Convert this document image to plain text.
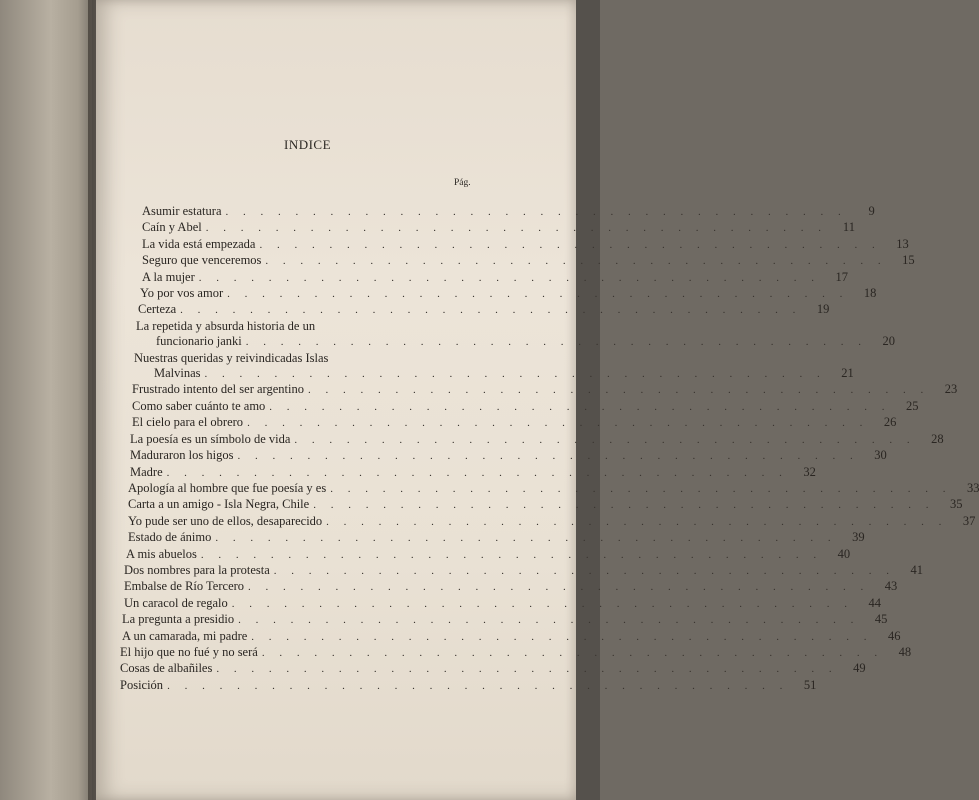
INDICE
Pág.
Asumir estatura . . . . . . . . . . . . . . . . . . . . . . . . . . . . . . . . . . . .	9
Caín y Abel . . . . . . . . . . . . . . . . . . . . . . . . . . . . . . . . . . . .	11
La vida está empezada . . . . . . . . . . . . . . . . . . . . . . . . . . . . . . . . . . . .	13
Seguro que venceremos . . . . . . . . . . . . . . . . . . . . . . . . . . . . . . . . . . . .	15
A la mujer . . . . . . . . . . . . . . . . . . . . . . . . . . . . . . . . . . . .	17
Yo por vos amor . . . . . . . . . . . . . . . . . . . . . . . . . . . . . . . . . . . .	18
Certeza . . . . . . . . . . . . . . . . . . . . . . . . . . . . . . . . . . . .	19
La repetida y absurda historia de un
funcionario janki . . . . . . . . . . . . . . . . . . . . . . . . . . . . . . . . . . . .	20
Nuestras queridas y reivindicadas Islas
Malvinas . . . . . . . . . . . . . . . . . . . . . . . . . . . . . . . . . . . .	21
Frustrado intento del ser argentino . . . . . . . . . . . . . . . . . . . . . . . . . . . . . . . . . . . .	23
Como saber cuánto te amo . . . . . . . . . . . . . . . . . . . . . . . . . . . . . . . . . . . .	25
El cielo para el obrero . . . . . . . . . . . . . . . . . . . . . . . . . . . . . . . . . . . .	26
La poesía es un símbolo de vida . . . . . . . . . . . . . . . . . . . . . . . . . . . . . . . . . . . .	28
Maduraron los higos . . . . . . . . . . . . . . . . . . . . . . . . . . . . . . . . . . . .	30
Madre . . . . . . . . . . . . . . . . . . . . . . . . . . . . . . . . . . . .	32
Apología al hombre que fue poesía y es . . . . . . . . . . . . . . . . . . . . . . . . . . . . . . . . . . . .	33
Carta a un amigo - Isla Negra, Chile . . . . . . . . . . . . . . . . . . . . . . . . . . . . . . . . . . . .	35
Yo pude ser uno de ellos, desaparecido . . . . . . . . . . . . . . . . . . . . . . . . . . . . . . . . . . . .	37
Estado de ánimo . . . . . . . . . . . . . . . . . . . . . . . . . . . . . . . . . . . .	39
A mis abuelos . . . . . . . . . . . . . . . . . . . . . . . . . . . . . . . . . . . .	40
Dos nombres para la protesta . . . . . . . . . . . . . . . . . . . . . . . . . . . . . . . . . . . .	41
Embalse de Río Tercero . . . . . . . . . . . . . . . . . . . . . . . . . . . . . . . . . . . .	43
Un caracol de regalo . . . . . . . . . . . . . . . . . . . . . . . . . . . . . . . . . . . .	44
La pregunta a presidio . . . . . . . . . . . . . . . . . . . . . . . . . . . . . . . . . . . .	45
A un camarada, mi padre . . . . . . . . . . . . . . . . . . . . . . . . . . . . . . . . . . . .	46
El hijo que no fué y no será . . . . . . . . . . . . . . . . . . . . . . . . . . . . . . . . . . . .	48
Cosas de albañiles . . . . . . . . . . . . . . . . . . . . . . . . . . . . . . . . . . . .	49
Posición . . . . . . . . . . . . . . . . . . . . . . . . . . . . . . . . . . . .	51
